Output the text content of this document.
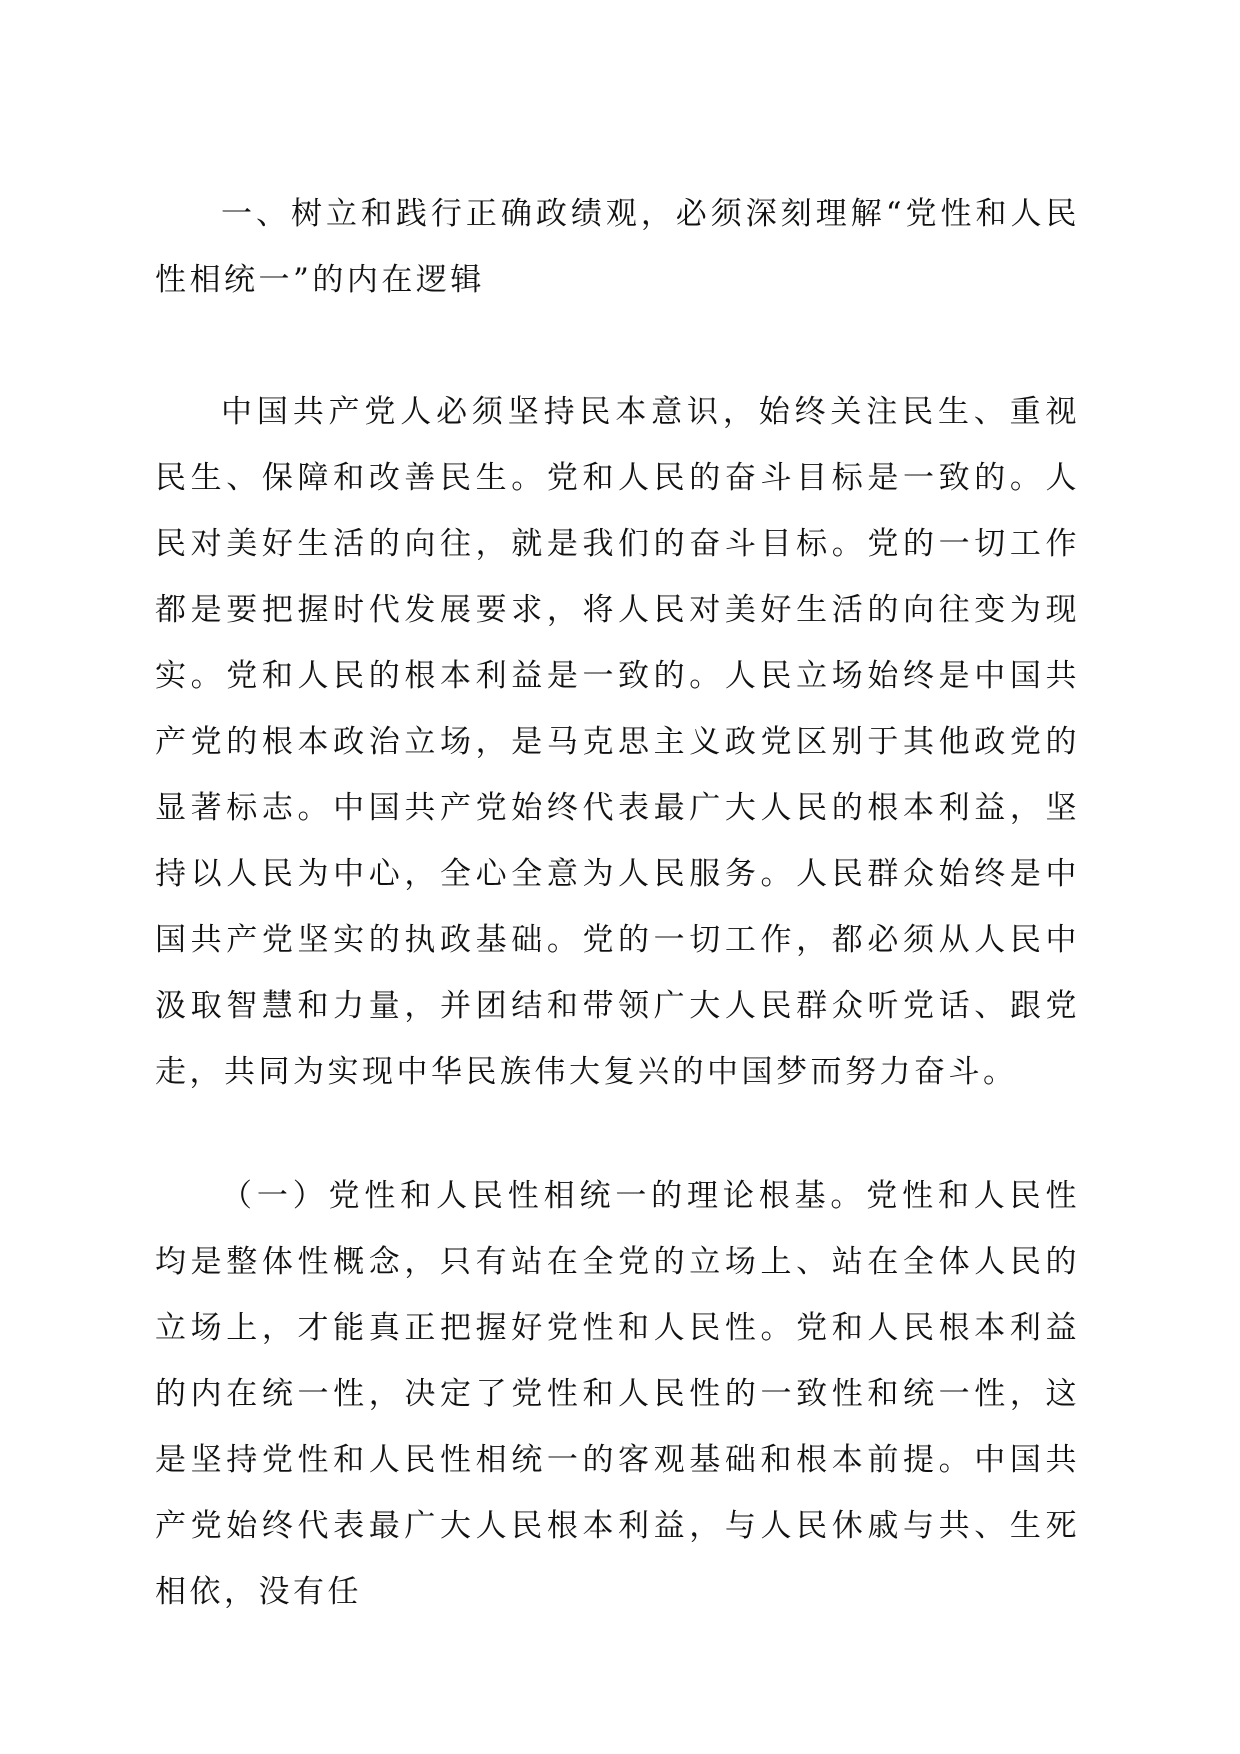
一、树立和践行正确政绩观，必须深刻理解“党性和人民性相统一”的内在逻辑

中国共产党人必须坚持民本意识，始终关注民生、重视民生、保障和改善民生。党和人民的奋斗目标是一致的。人民对美好生活的向往，就是我们的奋斗目标。党的一切工作都是要把握时代发展要求，将人民对美好生活的向往变为现实。党和人民的根本利益是一致的。人民立场始终是中国共产党的根本政治立场，是马克思主义政党区别于其他政党的显著标志。中国共产党始终代表最广大人民的根本利益，坚持以人民为中心，全心全意为人民服务。人民群众始终是中国共产党坚实的执政基础。党的一切工作，都必须从人民中汲取智慧和力量，并团结和带领广大人民群众听党话、跟党走，共同为实现中华民族伟大复兴的中国梦而努力奋斗。

（一）党性和人民性相统一的理论根基。党性和人民性均是整体性概念，只有站在全党的立场上、站在全体人民的立场上，才能真正把握好党性和人民性。党和人民根本利益的内在统一性，决定了党性和人民性的一致性和统一性，这是坚持党性和人民性相统一的客观基础和根本前提。中国共产党始终代表最广大人民根本利益，与人民休戚与共、生死相依，没有任
